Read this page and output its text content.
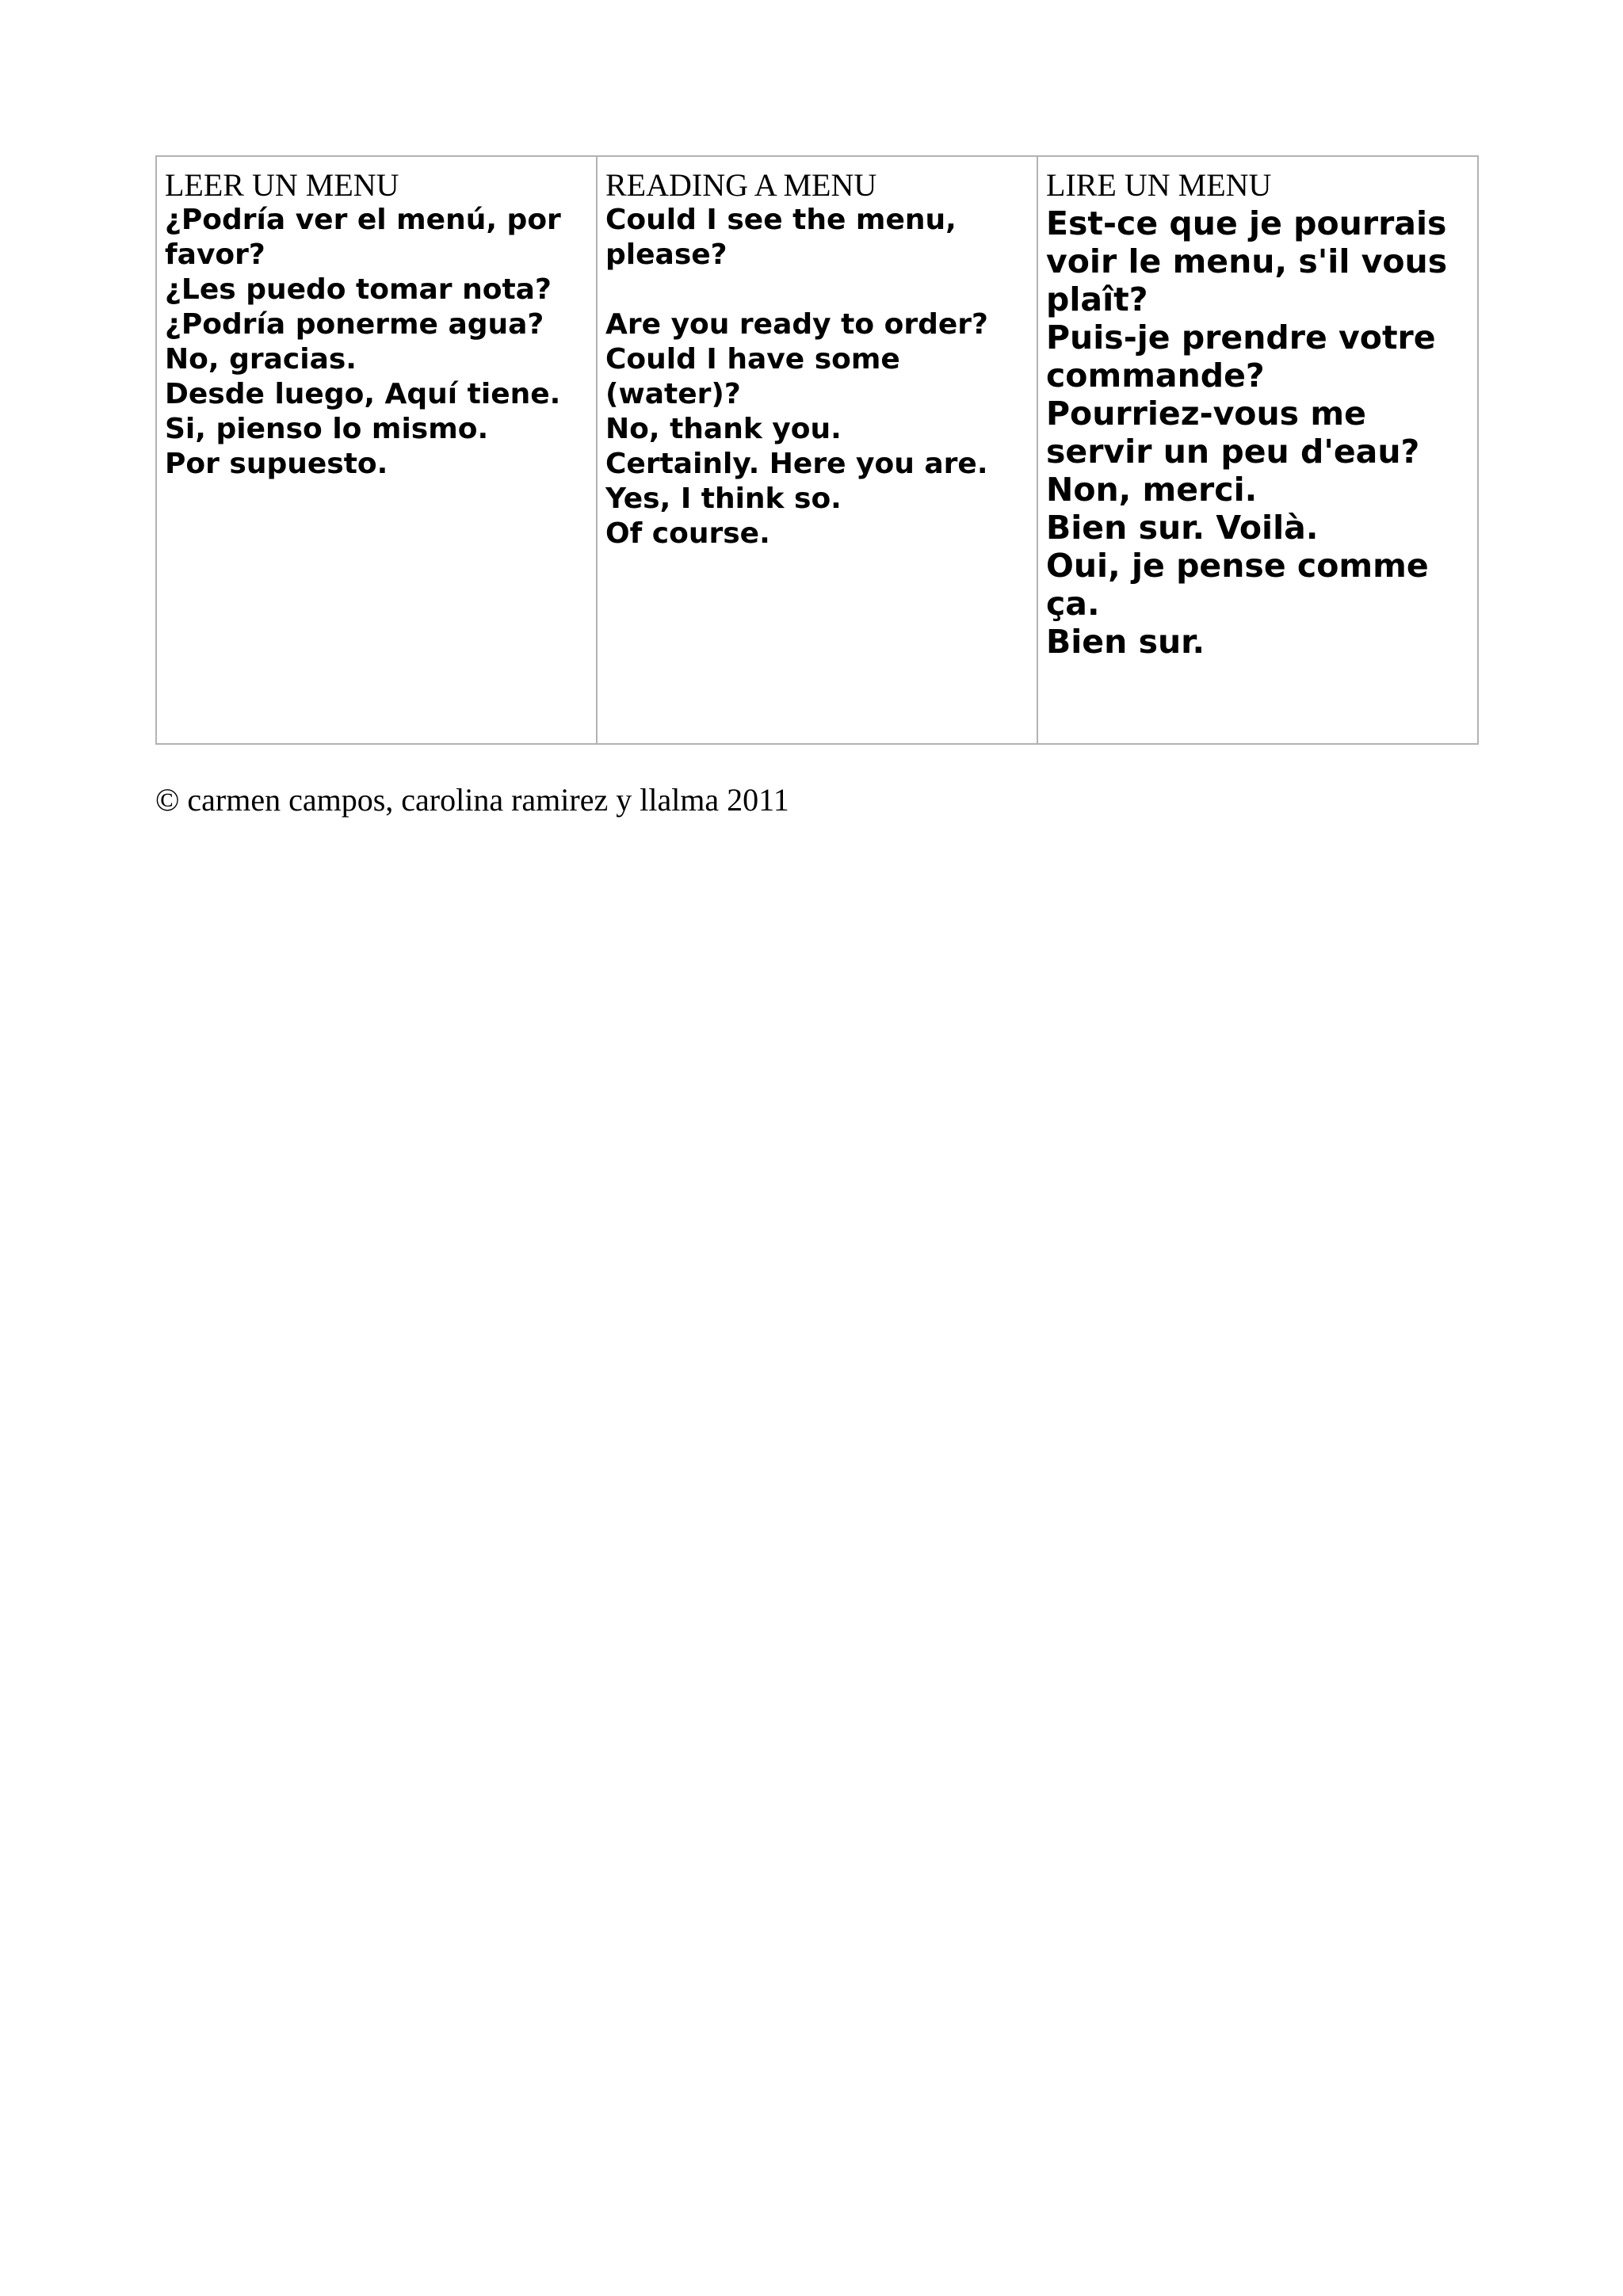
LEER UN MENU
¿Podría ver el menú, por favor?
¿Les puedo tomar nota?
¿Podría ponerme agua?
No, gracias.
Desde luego, Aquí tiene.
Si, pienso lo mismo.
Por supuesto.

READING A MENU
Could I see the menu, please?
Are you ready to order?
Could I have some (water)?
No, thank you.
Certainly. Here you are.
Yes, I think so.
Of course.

LIRE UN MENU
Est-ce que je pourrais voir le menu, s'il vous plaît?
Puis-je prendre votre commande?
Pourriez-vous me servir un peu d'eau?
Non, merci.
Bien sur. Voilà.
Oui, je pense comme ça.
Bien sur.

© carmen campos, carolina ramirez y llalma 2011
